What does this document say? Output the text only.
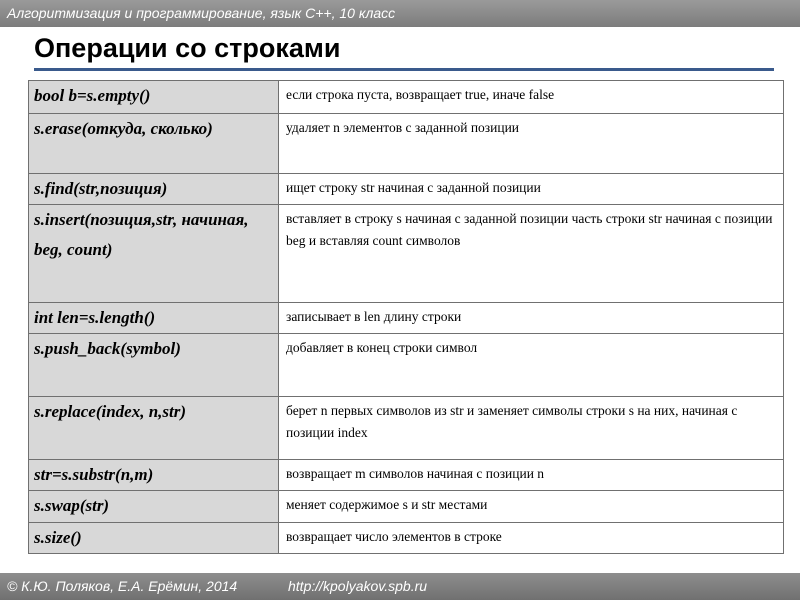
Алгоритмизация и программирование, язык С++, 10 класс
Операции со строками
bool b=s.empty()	если строка пуста, возвращает true, иначе false
s.erase(откуда, сколько)	удаляет n элементов с заданной позиции
s.find(str,позиция)	ищет строку str начиная с заданной позиции
s.insert(позиция,str, начиная, beg, count)	вставляет в строку s начиная с заданной позиции часть строки str начиная с позиции beg и вставляя count символов
int len=s.length()	записывает в len длину строки
s.push_back(symbol)	добавляет в конец строки символ
s.replace(index, n,str)	берет n первых символов из str и заменяет символы строки s на них, начиная с позиции index
str=s.substr(n,m)	возвращает m символов начиная с позиции n
s.swap(str)	меняет содержимое s и str местами
s.size()	возвращает число элементов в строке
© К.Ю. Поляков, Е.А. Ерёмин, 2014	http://kpolyakov.spb.ru
